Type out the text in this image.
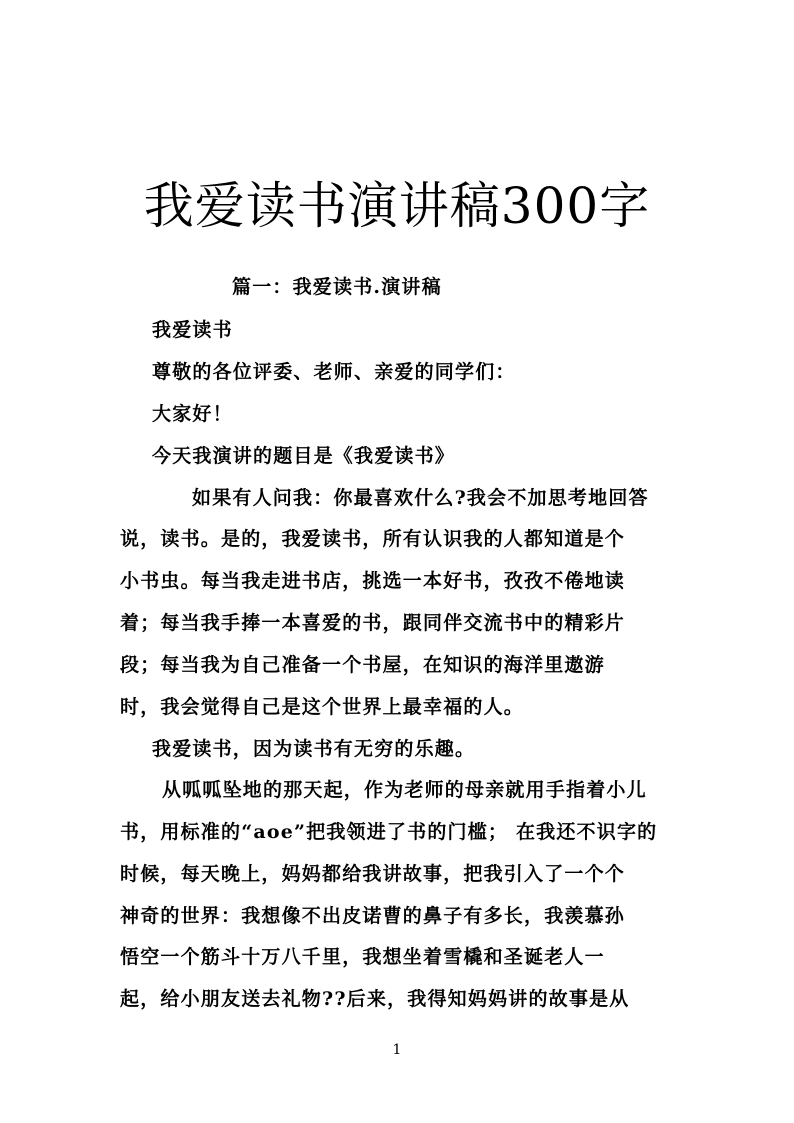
我爱读书演讲稿300字
篇一：我爱读书.演讲稿
我爱读书
尊敬的各位评委、老师、亲爱的同学们：
大家好！
今天我演讲的题目是《我爱读书》
如果有人问我：你最喜欢什么?我会不加思考地回答
说，读书。是的，我爱读书，所有认识我的人都知道是个
小书虫。每当我走进书店，挑选一本好书，孜孜不倦地读
着；每当我手捧一本喜爱的书，跟同伴交流书中的精彩片
段；每当我为自己准备一个书屋，在知识的海洋里遨游
时，我会觉得自己是这个世界上最幸福的人。
我爱读书，因为读书有无穷的乐趣。
从呱呱坠地的那天起，作为老师的母亲就用手指着小儿
书，用标准的“aoe”把我领进了书的门槛； 在我还不识字的
时候，每天晚上，妈妈都给我讲故事，把我引入了一个个
神奇的世界：我想像不出皮诺曹的鼻子有多长，我羡慕孙
悟空一个筋斗十万八千里，我想坐着雪橇和圣诞老人一
起，给小朋友送去礼物??后来，我得知妈妈讲的故事是从
1
